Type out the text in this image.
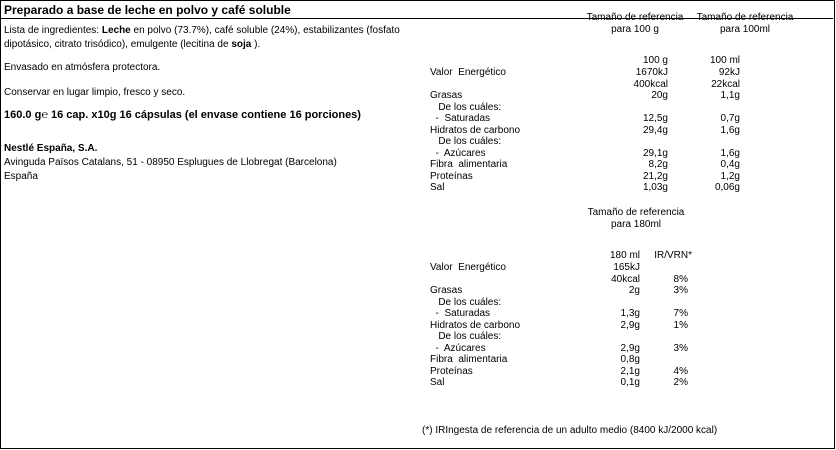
Preparado a base de leche en polvo y café soluble
Lista de ingredientes: Leche en polvo (73.7%), café soluble (24%), estabilizantes (fosfato dipotásico, citrato trisódico), emulgente (lecitina de soja ).
Envasado en atmósfera protectora.
Conservar en lugar limpio, fresco y seco.
160.0 g℮ 16 cap. x10g 16 cápsulas (el envase contiene 16 porciones)
Nestlé España, S.A.
Avinguda Països Catalans, 51 - 08950 Esplugues de Llobregat (Barcelona)
España
Tamaño de referencia
para 100 g
Tamaño de referencia
para 100ml
100 g	100 ml
Valor  Energético	1670kJ	92kJ
400kcal	22kcal
Grasas	20g	1,1g
De los cuáles:
-  Saturadas	12,5g	0,7g
Hidratos de carbono	29,4g	1,6g
De los cuáles:
-  Azúcares	29,1g	1,6g
Fibra  alimentaria	8,2g	0,4g
Proteínas	21,2g	1,2g
Sal	1,03g	0,06g
Tamaño de referencia
para 180ml
180 ml	IR/VRN*
Valor  Energético	165kJ
40kcal	8%
Grasas	2g	3%
De los cuáles:
-  Saturadas	1,3g	7%
Hidratos de carbono	2,9g	1%
De los cuáles:
-  Azúcares	2,9g	3%
Fibra  alimentaria	0,8g
Proteínas	2,1g	4%
Sal	0,1g	2%
(*) IRIngesta de referencia de un adulto medio (8400 kJ/2000 kcal)
